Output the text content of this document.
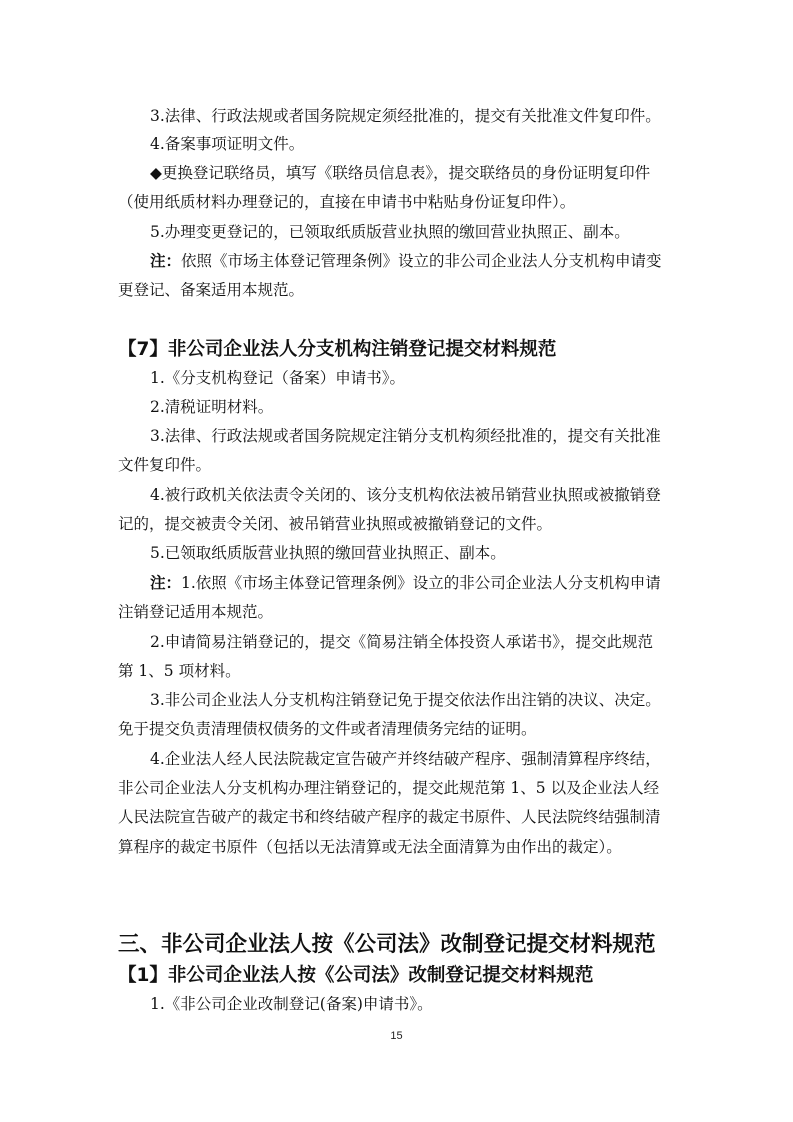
3.法律、行政法规或者国务院规定须经批准的，提交有关批准文件复印件。
4.备案事项证明文件。
◆更换登记联络员，填写《联络员信息表》，提交联络员的身份证明复印件
（使用纸质材料办理登记的，直接在申请书中粘贴身份证复印件）。
5.办理变更登记的，已领取纸质版营业执照的缴回营业执照正、副本。
注：依照《市场主体登记管理条例》设立的非公司企业法人分支机构申请变
更登记、备案适用本规范。
【7】非公司企业法人分支机构注销登记提交材料规范
1.《分支机构登记（备案）申请书》。
2.清税证明材料。
3.法律、行政法规或者国务院规定注销分支机构须经批准的，提交有关批准
文件复印件。
4.被行政机关依法责令关闭的、该分支机构依法被吊销营业执照或被撤销登
记的，提交被责令关闭、被吊销营业执照或被撤销登记的文件。
5.已领取纸质版营业执照的缴回营业执照正、副本。
注：1.依照《市场主体登记管理条例》设立的非公司企业法人分支机构申请
注销登记适用本规范。
2.申请简易注销登记的，提交《简易注销全体投资人承诺书》，提交此规范
第 1、5 项材料。
3.非公司企业法人分支机构注销登记免于提交依法作出注销的决议、决定。
免于提交负责清理债权债务的文件或者清理债务完结的证明。
4.企业法人经人民法院裁定宣告破产并终结破产程序、强制清算程序终结，
非公司企业法人分支机构办理注销登记的，提交此规范第 1、5 以及企业法人经
人民法院宣告破产的裁定书和终结破产程序的裁定书原件、人民法院终结强制清
算程序的裁定书原件（包括以无法清算或无法全面清算为由作出的裁定）。
三、非公司企业法人按《公司法》改制登记提交材料规范
【1】非公司企业法人按《公司法》改制登记提交材料规范
1.《非公司企业改制登记(备案)申请书》。
15
